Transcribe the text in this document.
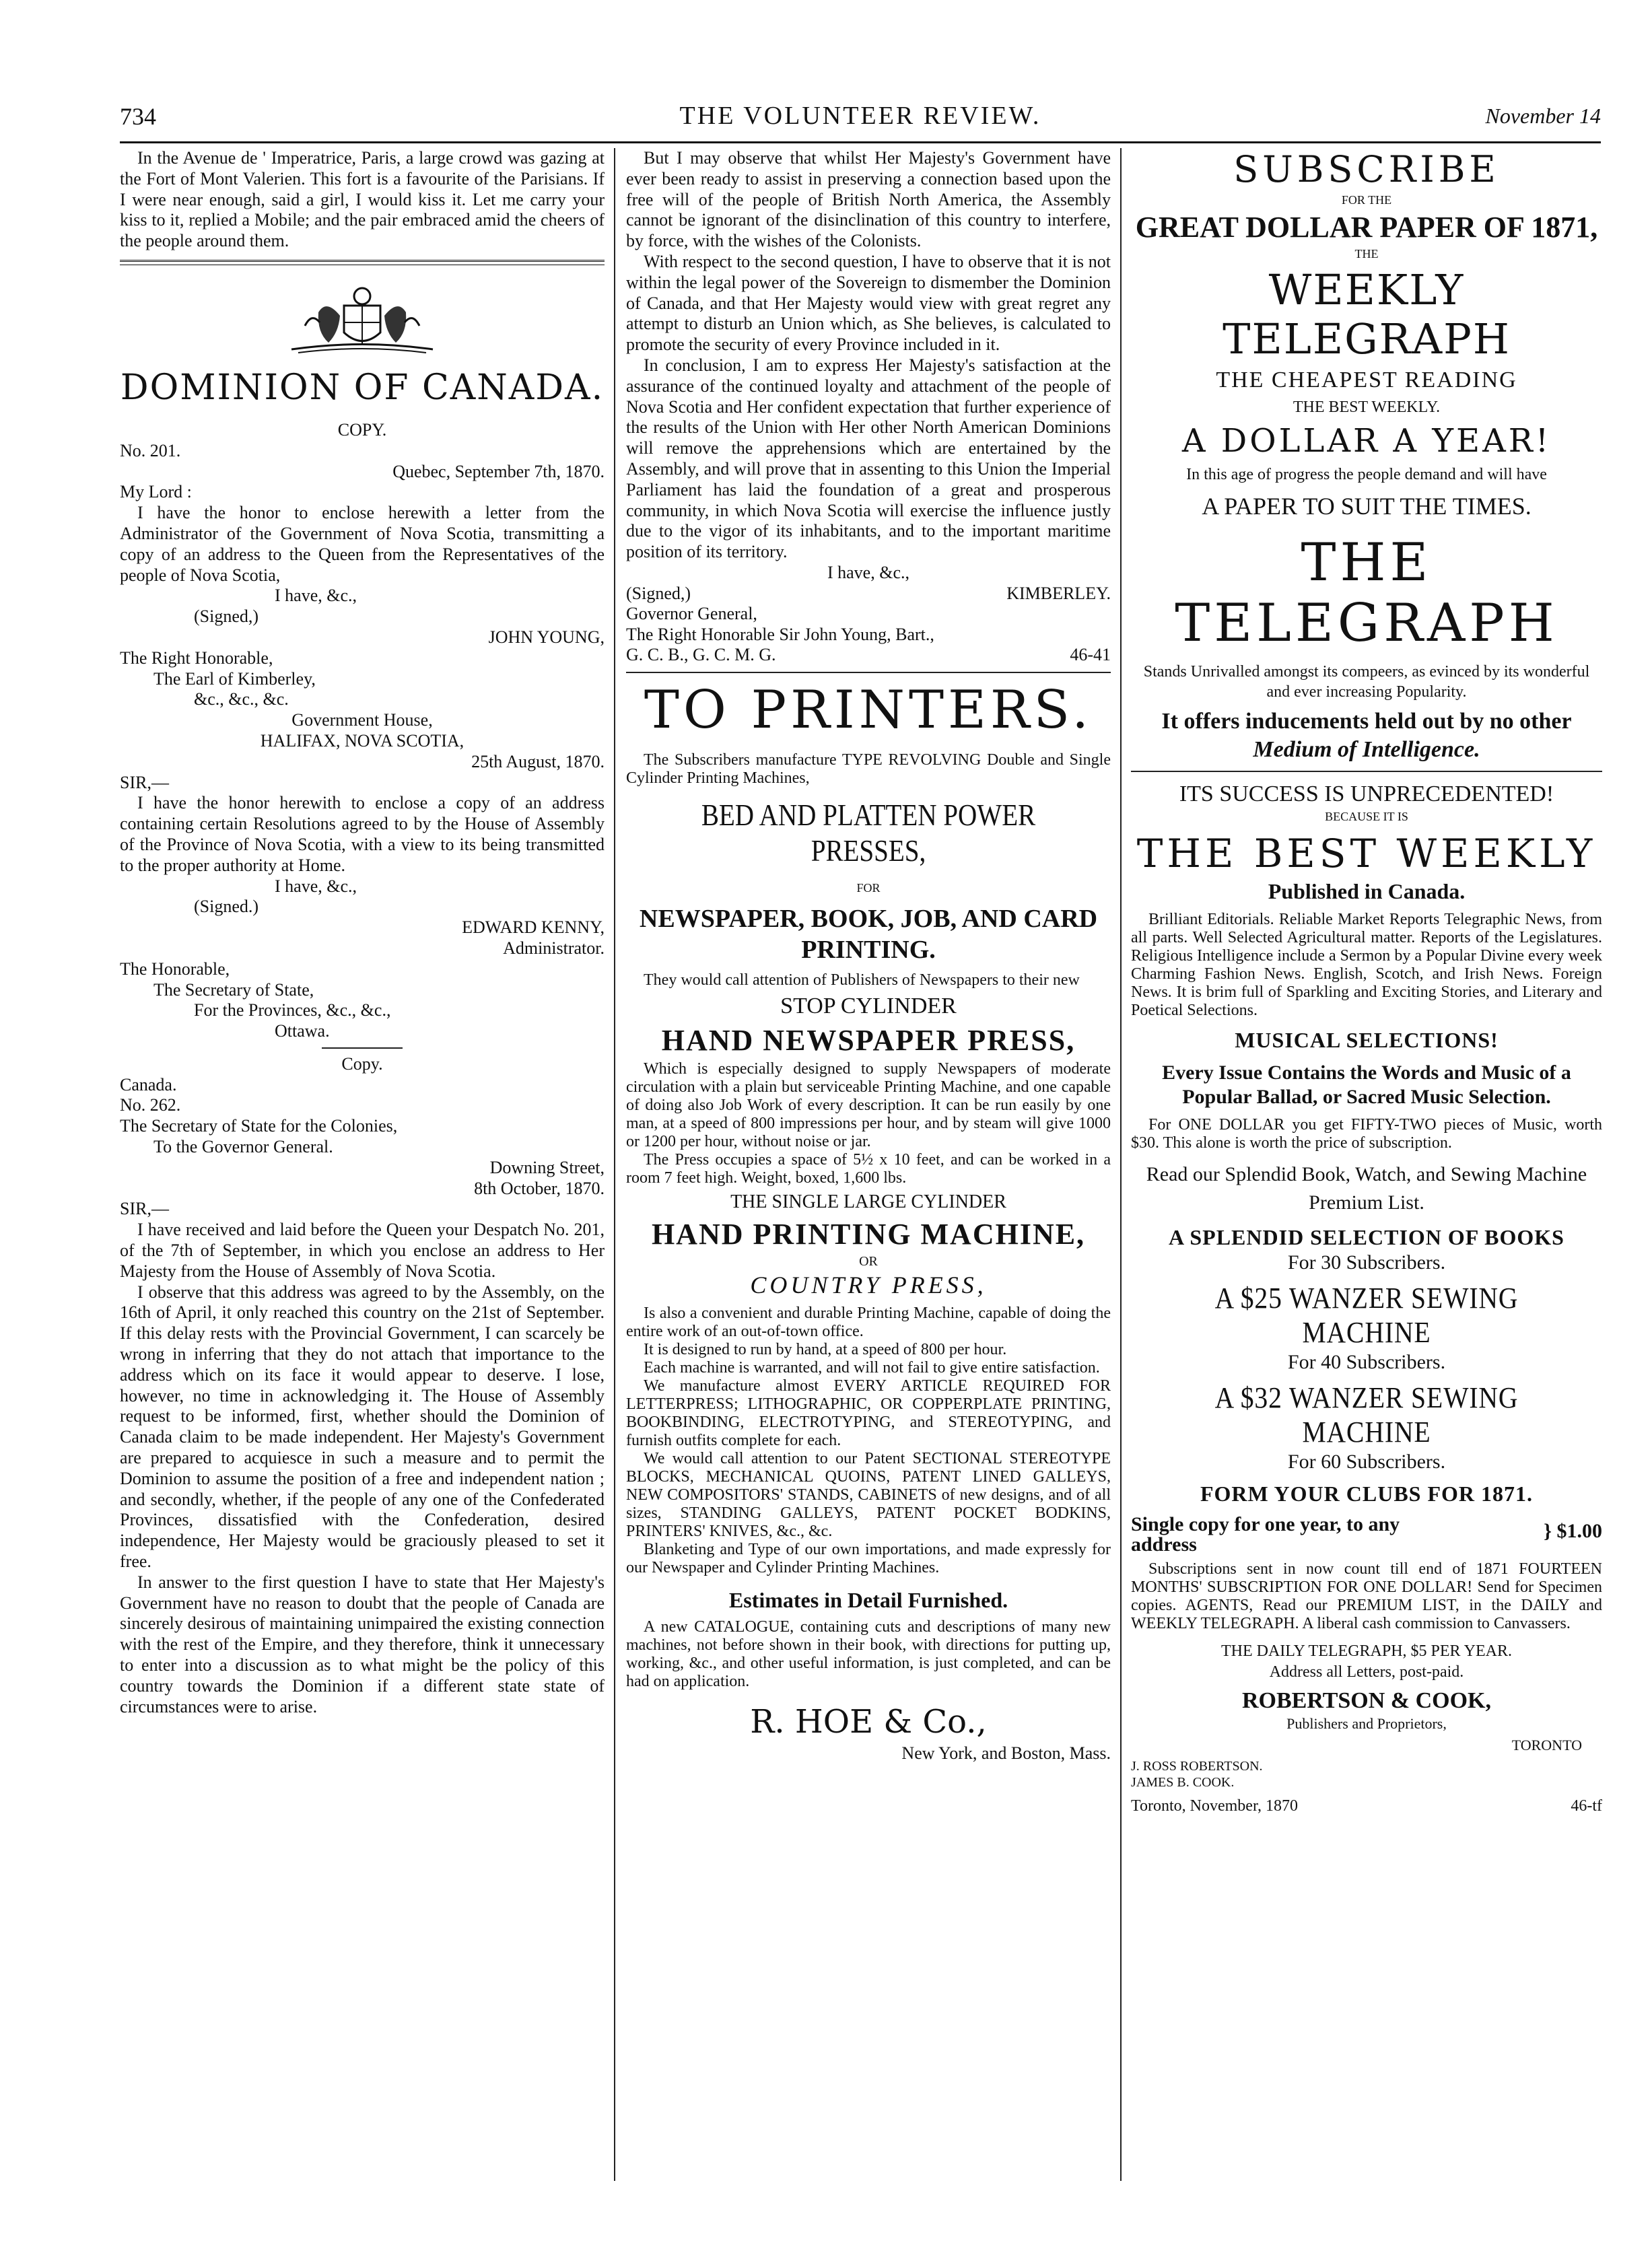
734	THE VOLUNTEER REVIEW.	November 14

In the Avenue de ' Imperatrice, Paris, a large crowd was gazing at the Fort of Mont Valerien. This fort is a favourite of the Parisians. If I were near enough, said a girl, I would kiss it. Let me carry your kiss to it, replied a Mobile; and the pair embraced amid the cheers of the people around them.

DOMINION OF CANADA.

COPY.

No. 201.

Quebec, September 7th, 1870.

My Lord :

I have the honor to enclose herewith a letter from the Administrator of the Government of Nova Scotia, transmitting a copy of an address to the Queen from the Representatives of the people of Nova Scotia,

I have, &c.,

(Signed,)

JOHN YOUNG,

The Right Honorable,

The Earl of Kimberley,

&c., &c., &c.

Government House,

HALIFAX, NOVA SCOTIA,

25th August, 1870.

SIR,—

I have the honor herewith to enclose a copy of an address containing certain Resolutions agreed to by the House of Assembly of the Province of Nova Scotia, with a view to its being transmitted to the proper authority at Home.

I have, &c.,

(Signed.)

EDWARD KENNY,

Administrator.

The Honorable,

The Secretary of State,

For the Provinces, &c., &c.,

Ottawa.

Copy.

Canada.

No. 262.

The Secretary of State for the Colonies,

To the Governor General.

Downing Street,

8th October, 1870.

SIR,—

I have received and laid before the Queen your Despatch No. 201, of the 7th of September, in which you enclose an address to Her Majesty from the House of Assembly of Nova Scotia.

I observe that this address was agreed to by the Assembly, on the 16th of April, it only reached this country on the 21st of September. If this delay rests with the Provincial Government, I can scarcely be wrong in inferring that they do not attach that importance to the address which on its face it would appear to deserve. I lose, however, no time in acknowledging it. The House of Assembly request to be informed, first, whether should the Dominion of Canada claim to be made independent. Her Majesty's Government are prepared to acquiesce in such a measure and to permit the Dominion to assume the position of a free and independent nation ; and secondly, whether, if the people of any one of the Confederated Provinces, dissatisfied with the Confederation, desired independence, Her Majesty would be graciously pleased to set it free.

In answer to the first question I have to state that Her Majesty's Government have no reason to doubt that the people of Canada are sincerely desirous of maintaining unimpaired the existing connection with the rest of the Empire, and they therefore, think it unnecessary to enter into a discussion as to what might be the policy of this country towards the Dominion if a different state state of circumstances were to arise.

But I may observe that whilst Her Majesty's Government have ever been ready to assist in preserving a connection based upon the free will of the people of British North America, the Assembly cannot be ignorant of the disinclination of this country to interfere, by force, with the wishes of the Colonists.

With respect to the second question, I have to observe that it is not within the legal power of the Sovereign to dismember the Dominion of Canada, and that Her Majesty would view with great regret any attempt to disturb an Union which, as She believes, is calculated to promote the security of every Province included in it.

In conclusion, I am to express Her Majesty's satisfaction at the assurance of the continued loyalty and attachment of the people of Nova Scotia and Her confident expectation that further experience of the results of the Union with Her other North American Dominions will remove the apprehensions which are entertained by the Assembly, and will prove that in assenting to this Union the Imperial Parliament has laid the foundation of a great and prosperous community, in which Nova Scotia will exercise the influence justly due to the vigor of its inhabitants, and to the important maritime position of its territory.

I have, &c.,

(Signed,)	KIMBERLEY.

Governor General,

The Right Honorable Sir John Young, Bart.,

G. C. B., G. C. M. G.	46-41
TO PRINTERS.

The Subscribers manufacture TYPE REVOLVING Double and Single Cylinder Printing Machines,

BED AND PLATTEN POWER PRESSES,

FOR

NEWSPAPER, BOOK, JOB, AND CARD
PRINTING.

They would call attention of Publishers of Newspapers to their new

STOP CYLINDER
HAND NEWSPAPER PRESS,

Which is especially designed to supply Newspapers of moderate circulation with a plain but serviceable Printing Machine, and one capable of doing also Job Work of every description. It can be run easily by one man, at a speed of 800 impressions per hour, and by steam will give 1000 or 1200 per hour, without noise or jar.

The Press occupies a space of 5½ x 10 feet, and can be worked in a room 7 feet high. Weight, boxed, 1,600 lbs.

THE SINGLE LARGE CYLINDER
HAND PRINTING MACHINE,
OR
COUNTRY PRESS,

Is also a convenient and durable Printing Machine, capable of doing the entire work of an out-of-town office.

It is designed to run by hand, at a speed of 800 per hour.

Each machine is warranted, and will not fail to give entire satisfaction.

We manufacture almost EVERY ARTICLE REQUIRED FOR LETTERPRESS; LITHOGRAPHIC, OR COPPERPLATE PRINTING, BOOKBINDING, ELECTROTYPING, and STEREOTYPING, and furnish outfits complete for each.

We would call attention to our Patent SECTIONAL STEREOTYPE BLOCKS, MECHANICAL QUOINS, PATENT LINED GALLEYS, NEW COMPOSITORS' STANDS, CABINETS of new designs, and of all sizes, STANDING GALLEYS, PATENT POCKET BODKINS, PRINTERS' KNIVES, &c., &c.

Blanketing and Type of our own importations, and made expressly for our Newspaper and Cylinder Printing Machines.

Estimates in Detail Furnished.

A new CATALOGUE, containing cuts and descriptions of many new machines, not before shown in their book, with directions for putting up, working, &c., and other useful information, is just completed, and can be had on application.

R. HOE & Co.,

New York, and Boston, Mass.

SUBSCRIBE
FOR THE
GREAT DOLLAR PAPER OF 1871,
THE
WEEKLY TELEGRAPH
THE CHEAPEST READING
THE BEST WEEKLY.
A DOLLAR A YEAR!

In this age of progress the people demand and will have

A PAPER TO SUIT THE TIMES.
THE TELEGRAPH

Stands Unrivalled amongst its compeers, as evinced by its wonderful and ever increasing Popularity.

It offers inducements held out by no other
Medium of Intelligence.
ITS SUCCESS IS UNPRECEDENTED!
BECAUSE IT IS
THE BEST WEEKLY
Published in Canada.

Brilliant Editorials. Reliable Market Reports Telegraphic News, from all parts. Well Selected Agricultural matter. Reports of the Legislatures. Religious Intelligence include a Sermon by a Popular Divine every week Charming Fashion News. English, Scotch, and Irish News. Foreign News. It is brim full of Sparkling and Exciting Stories, and Literary and Poetical Selections.

MUSICAL SELECTIONS!
Every Issue Contains the Words and Music of a Popular Ballad, or Sacred Music Selection.

For ONE DOLLAR you get FIFTY-TWO pieces of Music, worth $30. This alone is worth the price of subscription.

Read our Splendid Book, Watch, and Sewing Machine Premium List.
A SPLENDID SELECTION OF BOOKS
For 30 Subscribers.
A $25 WANZER SEWING MACHINE
For 40 Subscribers.
A $32 WANZER SEWING MACHINE
For 60 Subscribers.
FORM YOUR CLUBS FOR 1871.
Single copy for one year, to any address
} $1.00

Subscriptions sent in now count till end of 1871 FOURTEEN MONTHS' SUBSCRIPTION FOR ONE DOLLAR! Send for Specimen copies. AGENTS, Read our PREMIUM LIST, in the DAILY and WEEKLY TELEGRAPH. A liberal cash commission to Canvassers.

THE DAILY TELEGRAPH, $5 PER YEAR.

Address all Letters, post-paid.

ROBERTSON & COOK,
Publishers and Proprietors,
TORONTO
J. ROSS ROBERTSON.
JAMES B. COOK.
Toronto, November, 1870	46-tf
